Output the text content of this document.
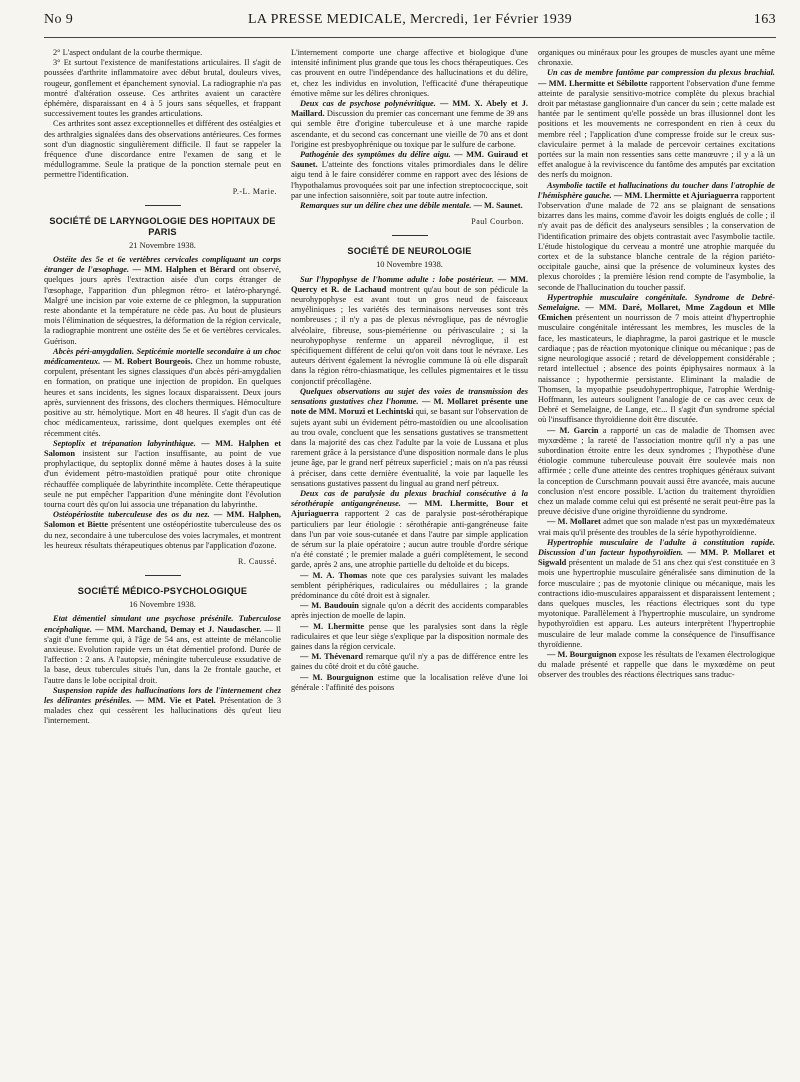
No 9	LA PRESSE MEDICALE, Mercredi, 1er Février 1939	163

2° L'aspect ondulant de la courbe thermique.

3° Et surtout l'existence de manifestations articulaires. Il s'agit de poussées d'arthrite inflammatoire avec début brutal, douleurs vives, rougeur, gonflement et épanchement synovial. La radiographie n'a pas montré d'altération osseuse. Ces arthrites avaient un caractère éphémère, disparaissant en 4 à 5 jours sans séquelles, et frappant successivement toutes les grandes articulations.

Ces arthrites sont assez exceptionnelles et différent des ostéalgies et des arthralgies signalées dans des observations antérieures. Ces formes sont d'un diagnostic singulièrement difficile. Il faut se rappeler la fréquence d'une discordance entre l'examen de sang et le médullogramme. Seule la pratique de la ponction sternale peut en permettre l'identification.

P.-L. Marie.
SOCIÉTÉ DE LARYNGOLOGIE DES HOPITAUX DE PARIS
21 Novembre 1938.

Ostéite des 5e et 6e vertèbres cervicales compliquant un corps étranger de l'œsophage. — MM. Halphen et Bérard ont observé, quelques jours après l'extraction aisée d'un corps étranger de l'œsophage, l'apparition d'un phlegmon rétro- et latéro-pharyngé. Malgré une incision par voie externe de ce phlegmon, la suppuration reste abondante et la température ne cède pas. Au bout de plusieurs mois l'élimination de séquestres, la déformation de la région cervicale, la radiographie montrent une ostéite des 5e et 6e vertèbres cervicales. Guérison.

Abcès péri-amygdalien. Septicémie mortelle secondaire à un choc médicamenteux. — M. Robert Bourgeois. Chez un homme robuste, corpulent, présentant les signes classiques d'un abcès péri-amygdalien en formation, on pratique une injection de propidon. En quelques heures et sans incidents, les signes locaux disparaissent. Deux jours après, surviennent des frissons, des clochers thermiques. Hémoculture positive au str. hémolytique. Mort en 48 heures. Il s'agit d'un cas de choc médicamenteux, rarissime, dont quelques exemples ont été récemment cités.

Septoplix et trépanation labyrinthique. — MM. Halphen et Salomon insistent sur l'action insuffisante, au point de vue prophylactique, du septoplix donné même à hautes doses à la suite d'un évidement pétro-mastoïdien pratiqué pour otite chronique réchauffée compliquée de labyrinthite incomplète. Cette thérapeutique seule ne put empêcher l'apparition d'une méningite dont l'évolution tourna court dès qu'on lui associa une trépanation du labyrinthe.

Ostéopériostite tuberculeuse des os du nez. — MM. Halphen, Salomon et Biette présentent une ostéopériostite tuberculeuse des os du nez, secondaire à une tuberculose des voies lacrymales, et montrent les heureux résultats thérapeutiques obtenus par l'application d'ozone.

R. Caussé.
SOCIÉTÉ MÉDICO-PSYCHOLOGIQUE
16 Novembre 1938.

Etat démentiel simulant une psychose présénile. Tuberculose encéphalique. — MM. Marchand, Demay et J. Naudascher. — Il s'agit d'une femme qui, à l'âge de 54 ans, est atteinte de mélancolie anxieuse. Evolution rapide vers un état démentiel profond. Durée de l'affection : 2 ans. A l'autopsie, méningite tuberculeuse exsudative de la base, deux tubercules situés l'un, dans la 2e frontale gauche, et l'autre dans le lobe occipital droit.

Suspension rapide des hallucinations lors de l'internement chez les délirantes préséniles. — MM. Vie et Patel. Présentation de 3 malades chez qui cessèrent les hallucinations dès qu'eut lieu l'internement.

L'internement comporte une charge affective et biologique d'une intensité infiniment plus grande que tous les chocs thérapeutiques. Ces cas prouvent en outre l'indépendance des hallucinations et du délire, et, chez les individus en involution, l'efficacité d'une thérapeutique émotive même sur les délires chroniques.

Deux cas de psychose polynévritique. — MM. X. Abely et J. Maillard. Discussion du premier cas concernant une femme de 39 ans qui semble être d'origine tuberculeuse et à une marche rapide ascendante, et du second cas concernant une vieille de 70 ans et dont l'origine est presbyophrénique ou toxique par le sulfure de carbone.

Pathogénie des symptômes du délire aigu. — MM. Guiraud et Saunet. L'atteinte des fonctions vitales primordiales dans le délire aigu tend à le faire considérer comme en rapport avec des lésions de l'hypothalamus provoquées soit par une infection streptococcique, soit par une infection saisonnière, soit par toute autre infection.

Remarques sur un délire chez une débile mentale. — M. Saunet.

Paul Courbon.
SOCIÉTÉ DE NEUROLOGIE
10 Novembre 1938.

Sur l'hypophyse de l'homme adulte : lobe postérieur. — MM. Quercy et R. de Lachaud montrent qu'au bout de son pédicule la neurohypophyse est avant tout un gros neud de faisceaux amyéliniques ; les variétés des terminaisons nerveuses sont très nombreuses ; il n'y a pas de plexus névroglique, pas de névroglie alvéolaire, fibreuse, sous-piemérienne ou périvasculaire ; si la neurohypophyse renferme un appareil névroglique, il est spécifiquement différent de celui qu'on voit dans tout le névraxe. Les auteurs dérivent également la névroglie commune là où elle disparaît dans la région rétro-chiasmatique, les cellules pigmentaires et le tissu conjonctif précollagène.

Quelques observations au sujet des voies de transmission des sensations gustatives chez l'homme. — M. Mollaret présente une note de MM. Moruzi et Lechintski qui, se basant sur l'observation de sujets ayant subi un évidement pétro-mastoïdien ou une alcoolisation au trou ovale, concluent que les sensations gustatives se transmettent dans la majorité des cas chez l'adulte par la voie de Lussana et plus rarement grâce à la persistance d'une disposition normale dans le plus jeune âge, par le grand nerf pétreux superficiel ; mais on n'a pas réussi à préciser, dans cette dernière éventualité, la voie par laquelle les sensations gustatives passent du lingual au grand nerf pétreux.

Deux cas de paralysie du plexus brachial consécutive à la sérothérapie antigangréneuse. — MM. Lhermitte, Bour et Ajuriaguerra rapportent 2 cas de paralysie post-sérothérapique particuliers par leur étiologie : sérothérapie anti-gangréneuse faite dans l'un par voie sous-cutanée et dans l'autre par simple application de sérum sur la plaie opératoire ; aucun autre trouble d'ordre sérique n'a été constaté ; le premier malade a guéri complètement, le second garde, après 2 ans, une atrophie partielle du deltoïde et du biceps.

— M. A. Thomas note que ces paralysies suivant les malades semblent périphériques, radiculaires ou médullaires ; la grande prédominance du côté droit est à signaler.

— M. Baudouin signale qu'on a décrit des accidents comparables après injection de moelle de lapin.

— M. Lhermitte pense que les paralysies sont dans la règle radiculaires et que leur siège s'explique par la disposition normale des gaines dans la région cervicale.

— M. Thévenard remarque qu'il n'y a pas de différence entre les gaines du côté droit et du côté gauche.

— M. Bourguignon estime que la localisation relève d'une loi générale : l'affinité des poisons

organiques ou minéraux pour les groupes de muscles ayant une même chronaxie.

Un cas de membre fantôme par compression du plexus brachial. — MM. Lhermitte et Sébilotte rapportent l'observation d'une femme atteinte de paralysie sensitivo-motrice complète du plexus brachial droit par métastase ganglionnaire d'un cancer du sein ; cette malade est hantée par le sentiment qu'elle possède un bras illusionnel dont les positions et les mouvements ne correspondent en rien à ceux du membre réel ; l'application d'une compresse froide sur le creux sus-claviculaire permet à la malade de percevoir certaines excitations portées sur la main non ressenties sans cette manœuvre ; il y a là un effet analogue à la reviviscence du fantôme des amputés par excitation des nerfs du moignon.

Asymbolie tactile et hallucinations du toucher dans l'atrophie de l'hémisphère gauche. — MM. Lhermitte et Ajuriaguerra rapportent l'observation d'une malade de 72 ans se plaignant de sensations bizarres dans les mains, comme d'avoir les doigts englués de colle ; il n'y avait pas de déficit des analyseurs sensibles ; la conservation de l'identification primaire des objets contrastait avec l'asymbolie tactile. L'étude histologique du cerveau a montré une atrophie marquée du cortex et de la substance blanche centrale de la région pariéto-occipitale gauche, ainsi que la présence de volumineux kystes des plexus choroïdes ; la première lésion rend compte de l'asymbolie, la seconde de l'hallucination du toucher passif.

Hypertrophie musculaire congénitale. Syndrome de Debré-Semelaigne. — MM. Daré, Mollaret, Mme Zagdoun et Mlle Œmichen présentent un nourrisson de 7 mois atteint d'hypertrophie musculaire congénitale intéressant les membres, les muscles de la face, les masticateurs, le diaphragme, la paroi gastrique et le muscle cardiaque ; pas de réaction myotonique clinique ou mécanique ; pas de signe neurologique associé ; retard de développement considérable ; retard intellectuel ; absence des points épiphysaires normaux à la naissance ; hypothermie persistante. Eliminant la maladie de Thomsen, la myopathie pseudohypertrophique, l'atrophie Werdnig-Hoffmann, les auteurs soulignent l'analogie de ce cas avec ceux de Debré et Semelaigne, de Lange, etc... Il s'agit d'un syndrome spécial où l'insuffisance thyroïdienne doit être discutée.

— M. Garcin a rapporté un cas de maladie de Thomsen avec myxœdème ; la rareté de l'association montre qu'il n'y a pas une subordination étroite entre les deux syndromes ; l'hypothèse d'une étiologie commune tuberculeuse pouvait être soulevée mais non affirmée ; celle d'une atteinte des centres trophiques généraux suivant la conception de Curschmann pouvait aussi être avancée, mais aucune conclusion n'est encore possible. L'action du traitement thyroïdien chez un malade comme celui qui est présenté ne serait peut-être pas la preuve décisive d'une origine thyroïdienne du syndrome.

— M. Mollaret admet que son malade n'est pas un myxœdémateux vrai mais qu'il présente des troubles de la série hypothyroïdienne.

Hypertrophie musculaire de l'adulte à constitution rapide. Discussion d'un facteur hypothyroïdien. — MM. P. Mollaret et Sigwald présentent un malade de 51 ans chez qui s'est constituée en 3 mois une hypertrophie musculaire généralisée sans diminution de la force musculaire ; pas de myotonie clinique ou mécanique, mais les contractions idio-musculaires apparaissent et disparaissent lentement ; dans quelques muscles, les réactions électriques sont du type myotonique. Parallèlement à l'hypertrophie musculaire, un syndrome hypothyroïdien est apparu. Les auteurs interprètent l'hypertrophie musculaire de leur malade comme la conséquence de l'insuffisance thyroïdienne.

— M. Bourguignon expose les résultats de l'examen électrologique du malade présenté et rappelle que dans le myxœdème on peut observer des troubles des réactions électriques sans traduc-
